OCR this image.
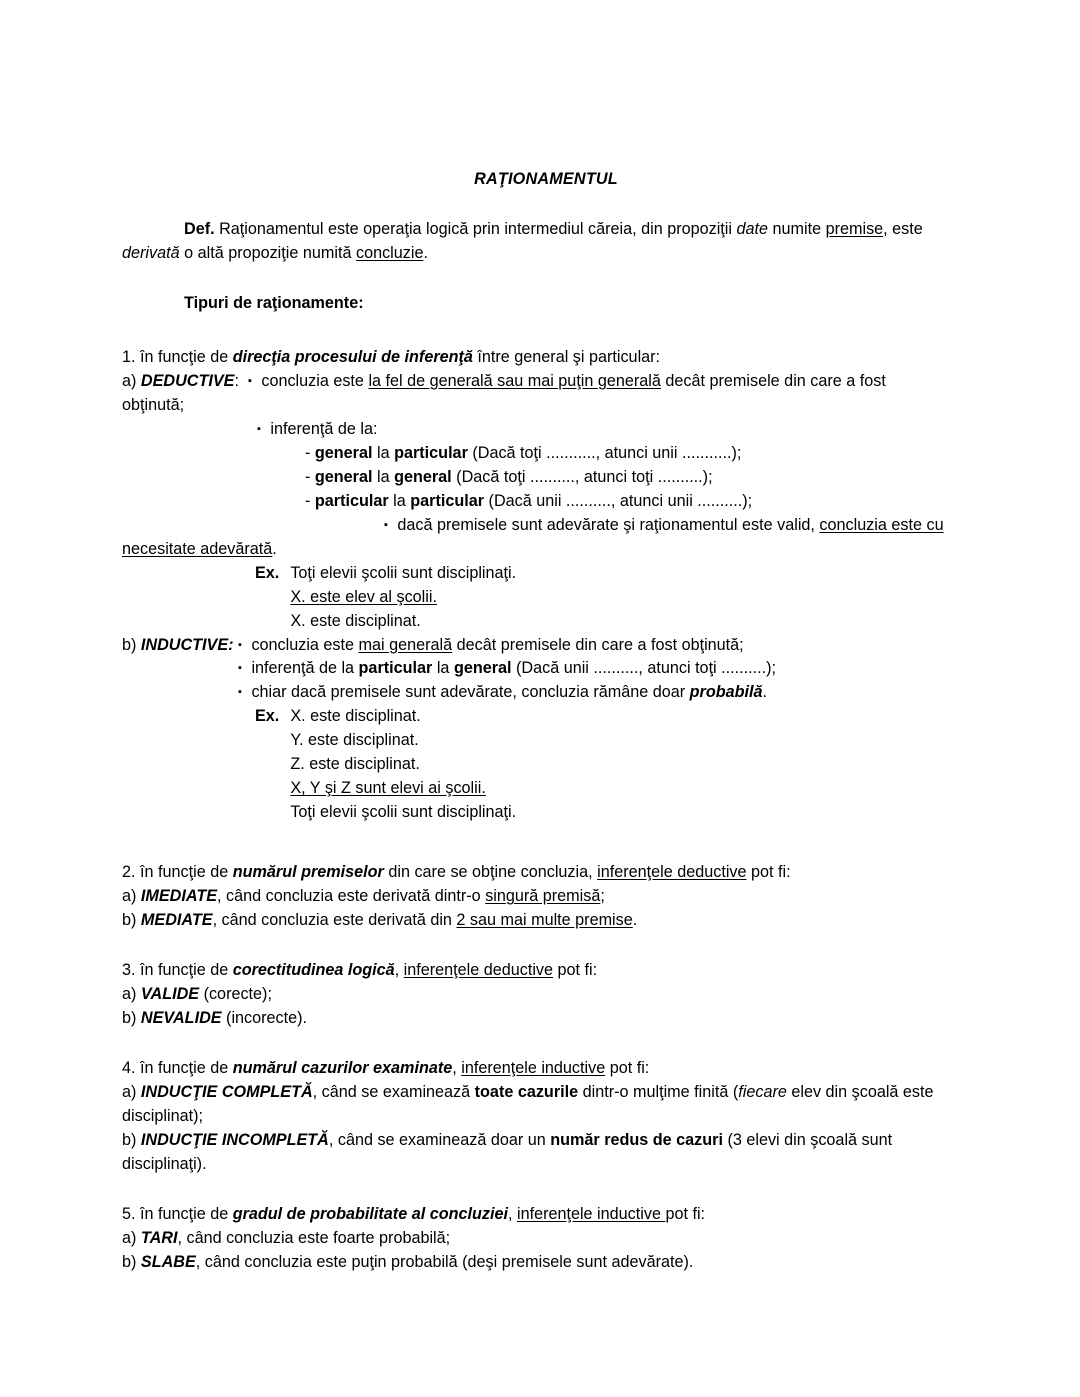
RAŢIONAMENTUL

Def. Raţionamentul este operaţia logică prin intermediul căreia, din propoziţii date numite premise, este derivată o altă propoziţie numită concluzie.

Tipuri de raţionamente:

1. în funcţie de direcţia procesului de inferenţă între general şi particular:

a) DEDUCTIVE: ▪ concluzia este la fel de generală sau mai puţin generală decât premisele din care a fost obţinută;

▪ inferenţă de la:

- general la particular (Dacă toţi ..........., atunci unii ...........);

- general la general (Dacă toţi .........., atunci toţi ..........);

- particular la particular (Dacă unii .........., atunci unii ..........);

▪ dacă premisele sunt adevărate şi raţionamentul este valid, concluzia este cu necesitate adevărată.

Ex. Toţi elevii şcolii sunt disciplinaţi.

X. este elev al şcolii.

X. este disciplinat.

b) INDUCTIVE: ▪ concluzia este mai generală decât premisele din care a fost obţinută;

▪ inferenţă de la particular la general (Dacă unii .........., atunci toţi ..........);

▪ chiar dacă premisele sunt adevărate, concluzia rămâne doar probabilă.

Ex. X. este disciplinat.

Y. este disciplinat.

Z. este disciplinat.

X, Y şi Z sunt elevi ai şcolii.

Toţi elevii şcolii sunt disciplinaţi.

2. în funcţie de numărul premiselor din care se obţine concluzia, inferenţele deductive pot fi:

a) IMEDIATE, când concluzia este derivată dintr-o singură premisă;

b) MEDIATE, când concluzia este derivată din 2 sau mai multe premise.

3. în funcţie de corectitudinea logică, inferenţele deductive pot fi:

a) VALIDE (corecte);

b) NEVALIDE (incorecte).

4. în funcţie de numărul cazurilor examinate, inferenţele inductive pot fi:

a) INDUCŢIE COMPLETĂ, când se examinează toate cazurile dintr-o mulţime finită (fiecare elev din şcoală este disciplinat);

b) INDUCŢIE INCOMPLETĂ, când se examinează doar un număr redus de cazuri (3 elevi din şcoală sunt disciplinaţi).

5. în funcţie de gradul de probabilitate al concluziei, inferenţele inductive pot fi:

a) TARI, când concluzia este foarte probabilă;

b) SLABE, când concluzia este puţin probabilă (deşi premisele sunt adevărate).
